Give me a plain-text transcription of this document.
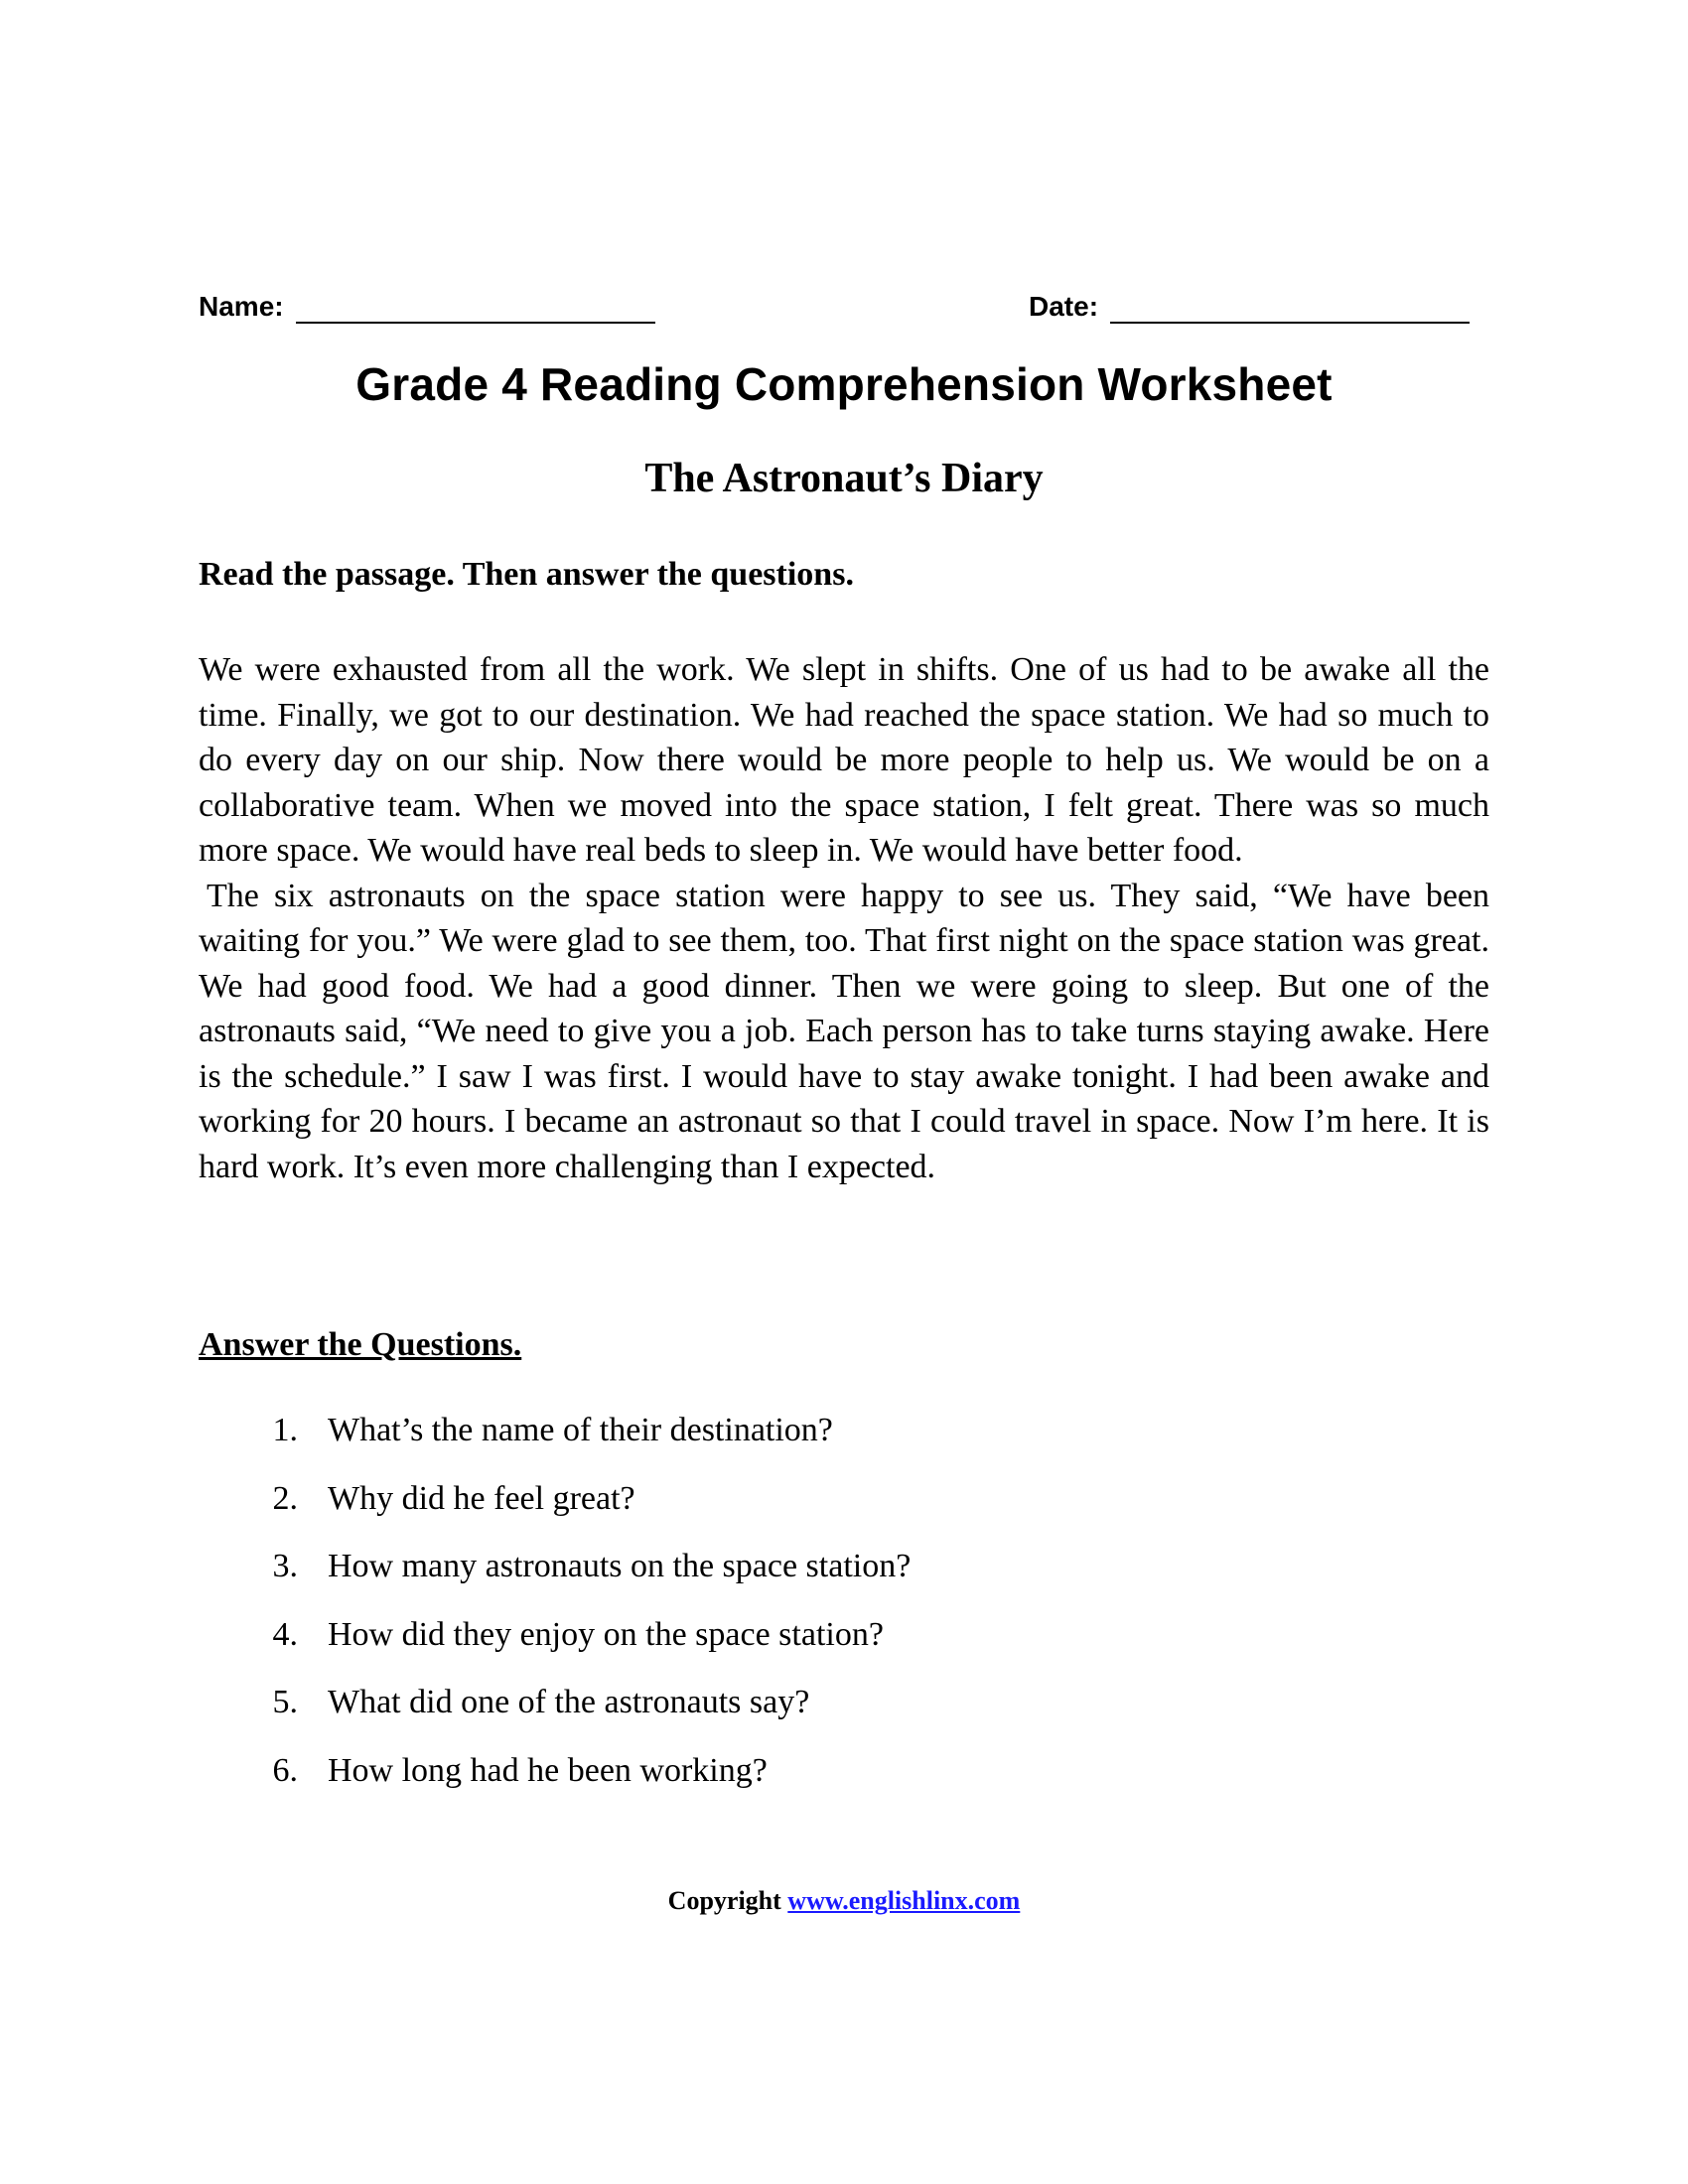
Name:	Date:
Grade 4 Reading Comprehension Worksheet
The Astronaut’s Diary
Read the passage. Then answer the questions.

We were exhausted from all the work. We slept in shifts. One of us had to be awake all the time. Finally, we got to our destination. We had reached the space station. We had so much to do every day on our ship. Now there would be more people to help us. We would be on a collaborative team. When we moved into the space station, I felt great. There was so much more space. We would have real beds to sleep in. We would have better food.

The six astronauts on the space station were happy to see us. They said, “We have been waiting for you.” We were glad to see them, too. That first night on the space station was great. We had good food. We had a good dinner. Then we were going to sleep. But one of the astronauts said, “We need to give you a job. Each person has to take turns staying awake. Here is the schedule.” I saw I was first. I would have to stay awake tonight. I had been awake and working for 20 hours. I became an astronaut so that I could travel in space. Now I’m here. It is hard work. It’s even more challenging than I expected.

Answer the Questions.
1. What’s the name of their destination?
2. Why did he feel great?
3. How many astronauts on the space station?
4. How did they enjoy on the space station?
5. What did one of the astronauts say?
6. How long had he been working?
Copyright www.englishlinx.com
